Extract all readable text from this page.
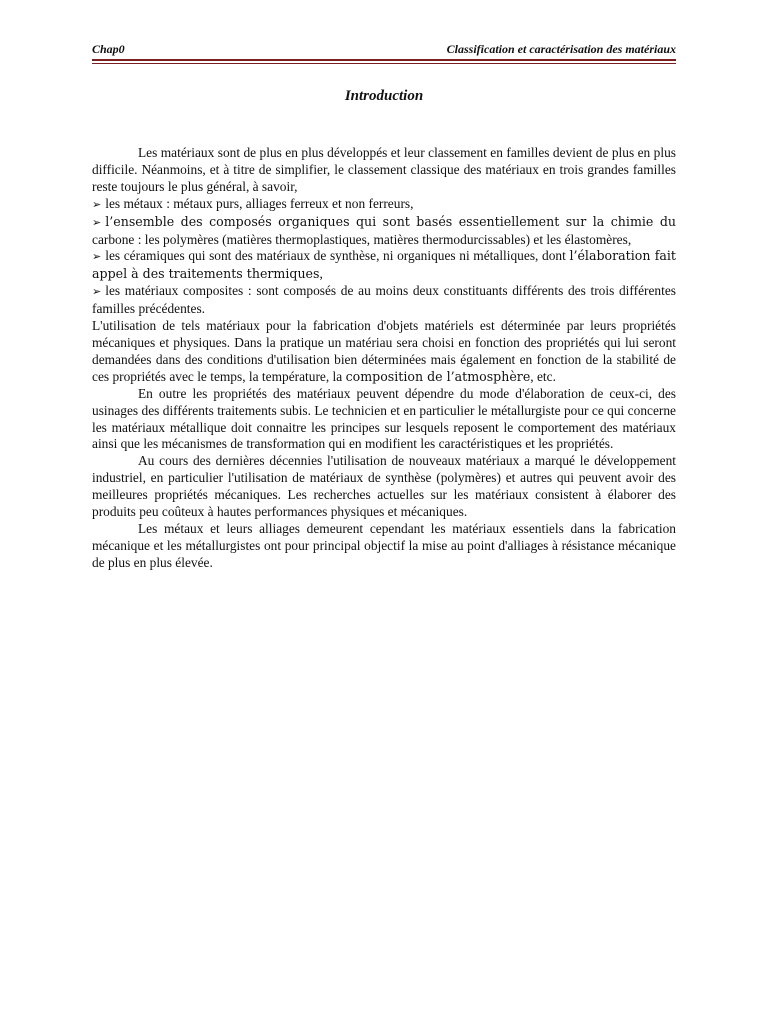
Chap0	Classification et caractérisation des matériaux
Introduction

Les matériaux sont de plus en plus développés et leur classement en familles devient de plus en plus difficile. Néanmoins, et à titre de simplifier, le classement classique des matériaux en trois grandes familles reste toujours le plus général, à savoir,

➢ les métaux : métaux purs, alliages ferreux et non ferreurs,

➢ l’ensemble des composés organiques qui sont basés essentiellement sur la chimie du carbone : les polymères (matières thermoplastiques, matières thermodurcissables) et les élastomères,

➢ les céramiques qui sont des matériaux de synthèse, ni organiques ni métalliques, dont l’élaboration fait appel à des traitements thermiques,

➢ les matériaux composites : sont composés de au moins deux constituants différents des trois différentes familles précédentes.

L'utilisation de tels matériaux pour la fabrication d'objets matériels est déterminée par leurs propriétés mécaniques et physiques. Dans la pratique un matériau sera choisi en fonction des propriétés qui lui seront demandées dans des conditions d'utilisation bien déterminées mais également en fonction de la stabilité de ces propriétés avec le temps, la température, la composition de l’atmosphère, etc.

En outre les propriétés des matériaux peuvent dépendre du mode d'élaboration de ceux-ci, des usinages des différents traitements subis. Le technicien et en particulier le métallurgiste pour ce qui concerne les matériaux métallique doit connaitre les principes sur lesquels reposent le comportement des matériaux ainsi que les mécanismes de transformation qui en modifient les caractéristiques et les propriétés.

Au cours des dernières décennies l'utilisation de nouveaux matériaux a marqué le développement industriel, en particulier l'utilisation de matériaux de synthèse (polymères) et autres qui peuvent avoir des meilleures propriétés mécaniques. Les recherches actuelles sur les matériaux consistent à élaborer des produits peu coûteux à hautes performances physiques et mécaniques.

Les métaux et leurs alliages demeurent cependant les matériaux essentiels dans la fabrication mécanique et les métallurgistes ont pour principal objectif la mise au point d'alliages à résistance mécanique de plus en plus élevée.
